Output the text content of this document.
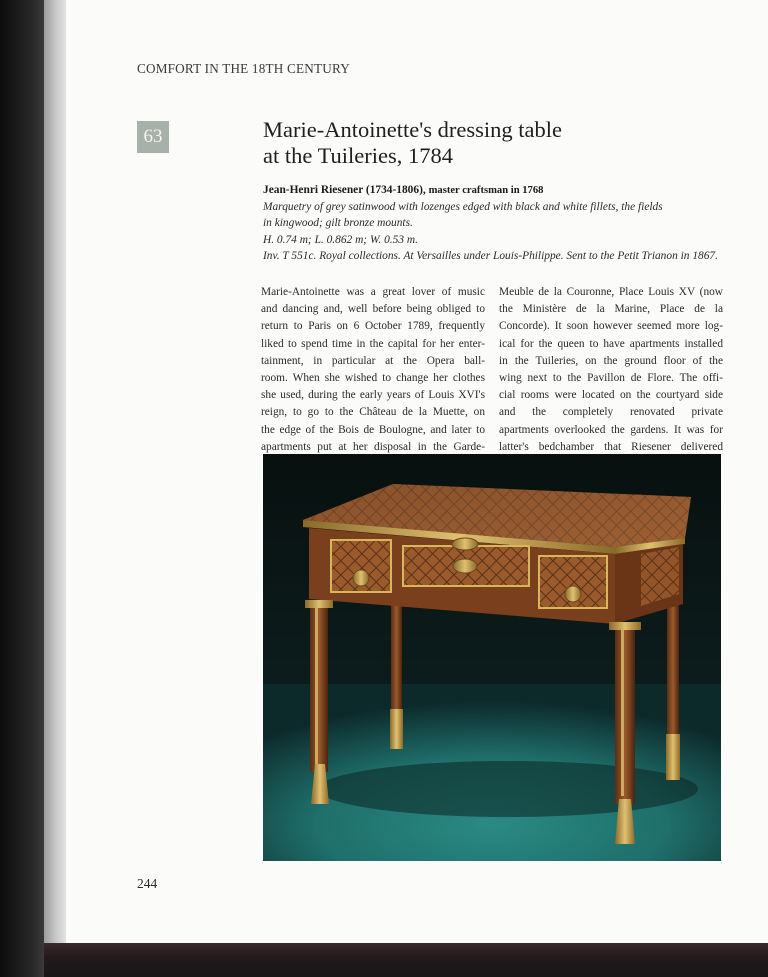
COMFORT IN THE 18TH CENTURY
63	Marie-Antoinette's dressing table
at the Tuileries, 1784
Jean-Henri Riesener (1734-1806), master craftsman in 1768
Marquetry of grey satinwood with lozenges edged with black and white fillets, the fields
in kingwood; gilt bronze mounts.
H. 0.74 m; L. 0.862 m; W. 0.53 m.
Inv. T 551c. Royal collections. At Versailles under Louis-Philippe. Sent to the Petit Trianon in 1867.
Marie-Antoinette was a great lover of music
and dancing and, well before being obliged to
return to Paris on 6 October 1789, frequently
liked to spend time in the capital for her enter-
tainment, in particular at the Opera ball-
room. When she wished to change her clothes
she used, during the early years of Louis XVI's
reign, to go to the Château de la Muette, on
the edge of the Bois de Boulogne, and later to
apartments put at her disposal in the Garde-
Meuble de la Couronne, Place Louis XV (now
the Ministère de la Marine, Place de la
Concorde). It soon however seemed more log-
ical for the queen to have apartments installed
in the Tuileries, on the ground floor of the
wing next to the Pavillon de Flore. The offi-
cial rooms were located on the courtyard side
and the completely renovated private
apartments overlooked the gardens. It was for
latter's bedchamber that Riesener delivered
244
